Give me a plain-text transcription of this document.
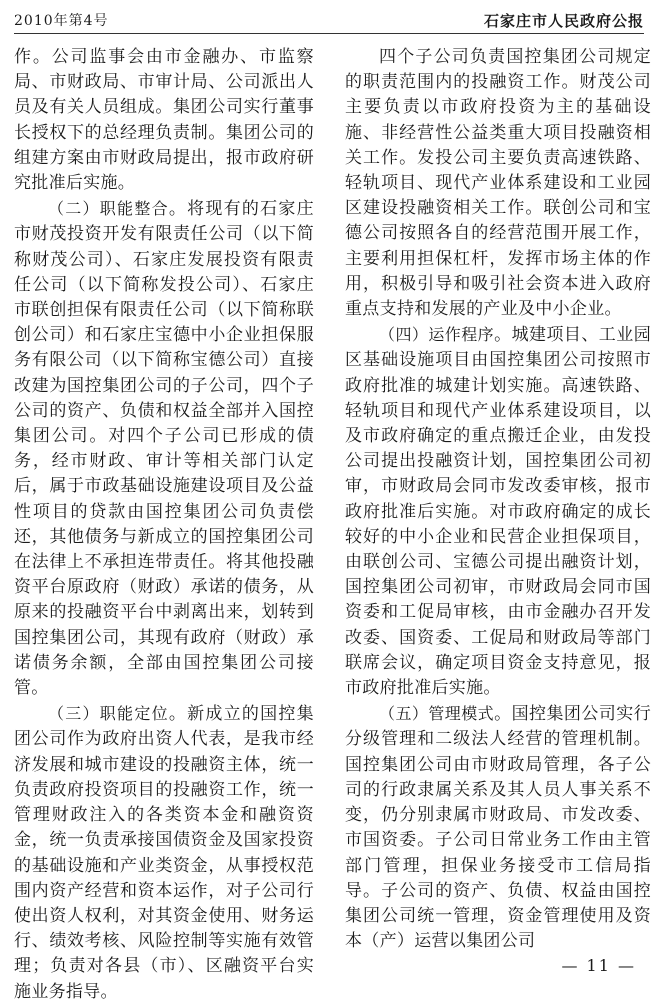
2010年第4号	石家庄市人民政府公报

作。公司监事会由市金融办、市监察局、市财政局、市审计局、公司派出人员及有关人员组成。集团公司实行董事长授权下的总经理负责制。集团公司的组建方案由市财政局提出，报市政府研究批准后实施。

（二）职能整合。将现有的石家庄市财茂投资开发有限责任公司（以下简称财茂公司）、石家庄发展投资有限责任公司（以下简称发投公司）、石家庄市联创担保有限责任公司（以下简称联创公司）和石家庄宝德中小企业担保服务有限公司（以下简称宝德公司）直接改建为国控集团公司的子公司，四个子公司的资产、负债和权益全部并入国控集团公司。对四个子公司已形成的债务，经市财政、审计等相关部门认定后，属于市政基础设施建设项目及公益性项目的贷款由国控集团公司负责偿还，其他债务与新成立的国控集团公司在法律上不承担连带责任。将其他投融资平台原政府（财政）承诺的债务，从原来的投融资平台中剥离出来，划转到国控集团公司，其现有政府（财政）承诺债务余额，全部由国控集团公司接管。

（三）职能定位。新成立的国控集团公司作为政府出资人代表，是我市经济发展和城市建设的投融资主体，统一负责政府投资项目的投融资工作，统一管理财政注入的各类资本金和融资资金，统一负责承接国债资金及国家投资的基础设施和产业类资金，从事授权范围内资产经营和资本运作，对子公司行使出资人权利，对其资金使用、财务运行、绩效考核、风险控制等实施有效管理；负责对各县（市）、区融资平台实施业务指导。

四个子公司负责国控集团公司规定的职责范围内的投融资工作。财茂公司主要负责以市政府投资为主的基础设施、非经营性公益类重大项目投融资相关工作。发投公司主要负责高速铁路、轻轨项目、现代产业体系建设和工业园区建设投融资相关工作。联创公司和宝德公司按照各自的经营范围开展工作，主要利用担保杠杆，发挥市场主体的作用，积极引导和吸引社会资本进入政府重点支持和发展的产业及中小企业。

（四）运作程序。城建项目、工业园区基础设施项目由国控集团公司按照市政府批准的城建计划实施。高速铁路、轻轨项目和现代产业体系建设项目，以及市政府确定的重点搬迁企业，由发投公司提出投融资计划，国控集团公司初审，市财政局会同市发改委审核，报市政府批准后实施。对市政府确定的成长较好的中小企业和民营企业担保项目，由联创公司、宝德公司提出融资计划，国控集团公司初审，市财政局会同市国资委和工促局审核，由市金融办召开发改委、国资委、工促局和财政局等部门联席会议，确定项目资金支持意见，报市政府批准后实施。

（五）管理模式。国控集团公司实行分级管理和二级法人经营的管理机制。国控集团公司由市财政局管理，各子公司的行政隶属关系及其人员人事关系不变，仍分别隶属市财政局、市发改委、市国资委。子公司日常业务工作由主管部门管理，担保业务接受市工信局指导。子公司的资产、负债、权益由国控集团公司统一管理，资金管理使用及资本（产）运营以集团公司

— 11 —
